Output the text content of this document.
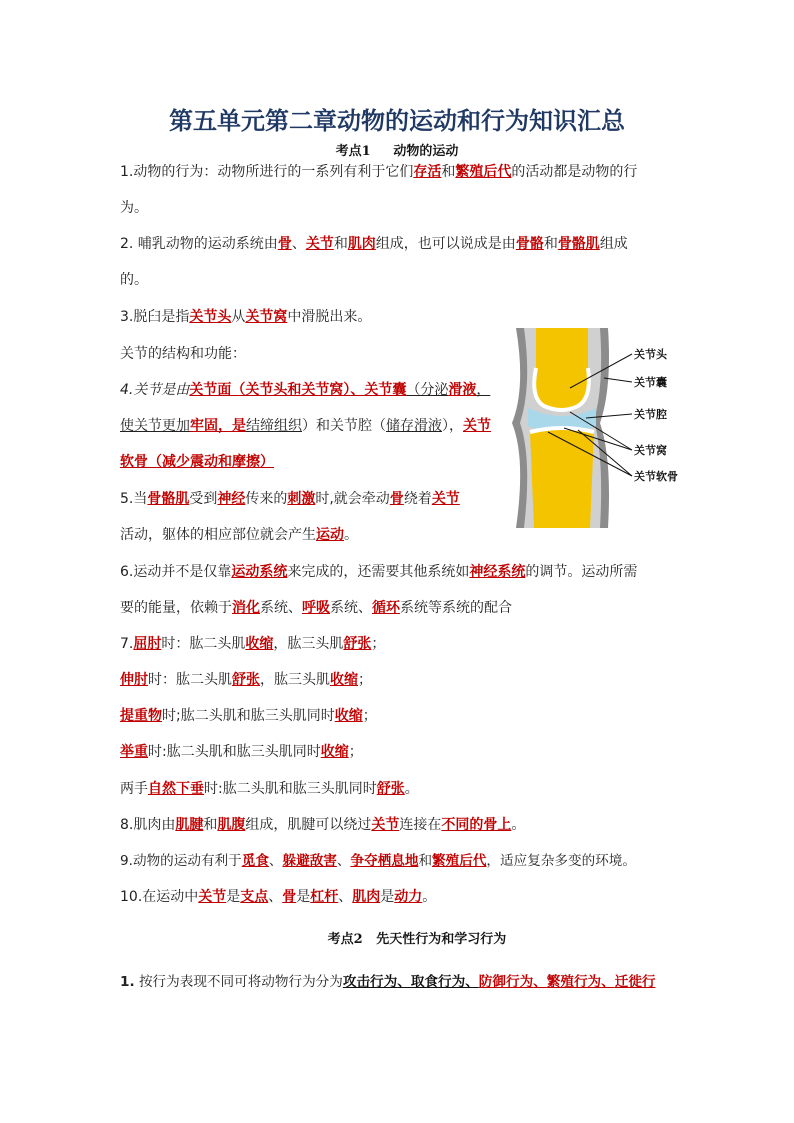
第五单元第二章动物的运动和行为知识汇总
考点1 动物的运动
1.动物的行为：动物所进行的一系列有利于它们存活和繁殖后代的活动都是动物的行
为。
2. 哺乳动物的运动系统由骨、关节和肌肉组成，也可以说成是由骨骼和骨骼肌组成
的。
3.脱臼是指关节头从关节窝中滑脱出来。
关节的结构和功能：
4.关节是由关节面（关节头和关节窝）、关节囊（分泌滑液，
使关节更加牢固，是结缔组织）和关节腔（储存滑液），关节
软骨（减少震动和摩擦）
5.当骨骼肌受到神经传来的刺激时,就会牵动骨绕着关节
活动，躯体的相应部位就会产生运动。
6.运动并不是仅靠运动系统来完成的，还需要其他系统如神经系统的调节。运动所需
要的能量，依赖于消化系统、呼吸系统、循环系统等系统的配合
7.屈肘时：肱二头肌收缩，肱三头肌舒张；
伸肘时：肱二头肌舒张，肱三头肌收缩；
提重物时;肱二头肌和肱三头肌同时收缩；
举重时:肱二头肌和肱三头肌同时收缩；
两手自然下垂时:肱二头肌和肱三头肌同时舒张。
8.肌肉由肌腱和肌腹组成，肌腱可以绕过关节连接在不同的骨上。
9.动物的运动有利于觅食、躲避敌害、争夺栖息地和繁殖后代，适应复杂多变的环境。
10.在运动中关节是支点、骨是杠杆、肌肉是动力。
考点2 先天性行为和学习行为
1. 按行为表现不同可将动物行为分为攻击行为、取食行为、防御行为、繁殖行为、迁徙行
关节头
关节囊
关节腔
关节窝
关节软骨
